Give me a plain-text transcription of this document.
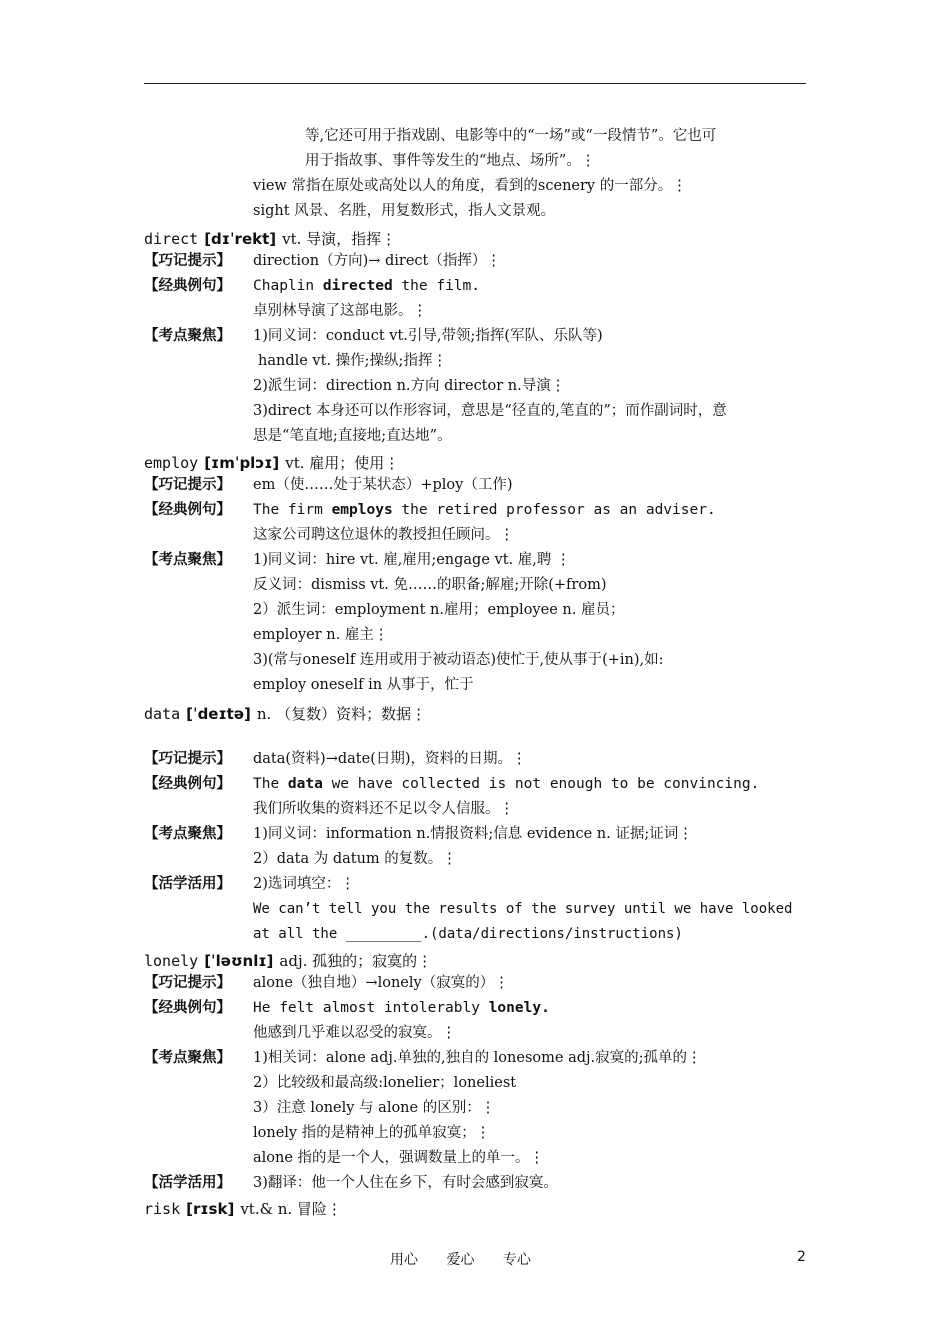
等,它还可用于指戏剧、电影等中的“一场”或“一段情节”。它也可
用于指故事、事件等发生的“地点、场所”。⋮
view 常指在原处或高处以人的角度，看到的scenery 的一部分。⋮
sight 风景、名胜，用复数形式，指人文景观。
direct [dɪˈrekt] vt. 导演，指挥⋮
【巧记提示】 direction（方向)→ direct（指挥）⋮
【经典例句】 Chaplin directed the film.
卓别林导演了这部电影。⋮
【考点聚焦】 1)同义词：conduct vt.引导,带领;指挥(军队、乐队等)
handle vt. 操作;操纵;指挥⋮
2)派生词：direction n.方向 director n.导演⋮
3)direct 本身还可以作形容词，意思是“径直的,笔直的”；而作副词时，意
思是“笔直地;直接地;直达地”。
employ [ɪmˈplɔɪ] vt. 雇用；使用⋮
【巧记提示】 em（使……处于某状态）+ploy（工作)
【经典例句】 The firm employs the retired professor as an adviser.
这家公司聘这位退休的教授担任顾问。⋮
【考点聚焦】 1)同义词：hire vt. 雇,雇用;engage vt. 雇,聘 ⋮
反义词：dismiss vt. 免……的职备;解雇;开除(+from)
2）派生词：employment n.雇用；employee n. 雇员；
employer n. 雇主⋮
3)(常与oneself 连用或用于被动语态)使忙于,使从事于(+in),如:
employ oneself in 从事于，忙于
data [ˈdeɪtə] n. （复数）资料；数据⋮
【巧记提示】 data(资料)→date(日期)，资料的日期。⋮
【经典例句】 The data we have collected is not enough to be convincing.
我们所收集的资料还不足以令人信服。⋮
【考点聚焦】 1)同义词：information n.情报资料;信息 evidence n. 证据;证词⋮
2）data 为 datum 的复数。⋮
【活学活用】 2)选词填空：⋮
We can’t tell you the results of the survey until we have looked
at all the _________.(data/directions/instructions)
lonely [ˈləʊnlɪ] adj. 孤独的；寂寞的⋮
【巧记提示】 alone（独自地）→lonely（寂寞的）⋮
【经典例句】 He felt almost intolerably lonely.
他感到几乎难以忍受的寂寞。⋮
【考点聚焦】 1)相关词：alone adj.单独的,独自的 lonesome adj.寂寞的;孤单的⋮
2）比较级和最高级:lonelier；loneliest
3）注意 lonely 与 alone 的区别：⋮
lonely 指的是精神上的孤单寂寞；⋮
alone 指的是一个人，强调数量上的单一。⋮
【活学活用】 3)翻译：他一个人住在乡下，有时会感到寂寞。
risk [rɪsk] vt.& n. 冒险⋮
用心 爱心 专心	2
